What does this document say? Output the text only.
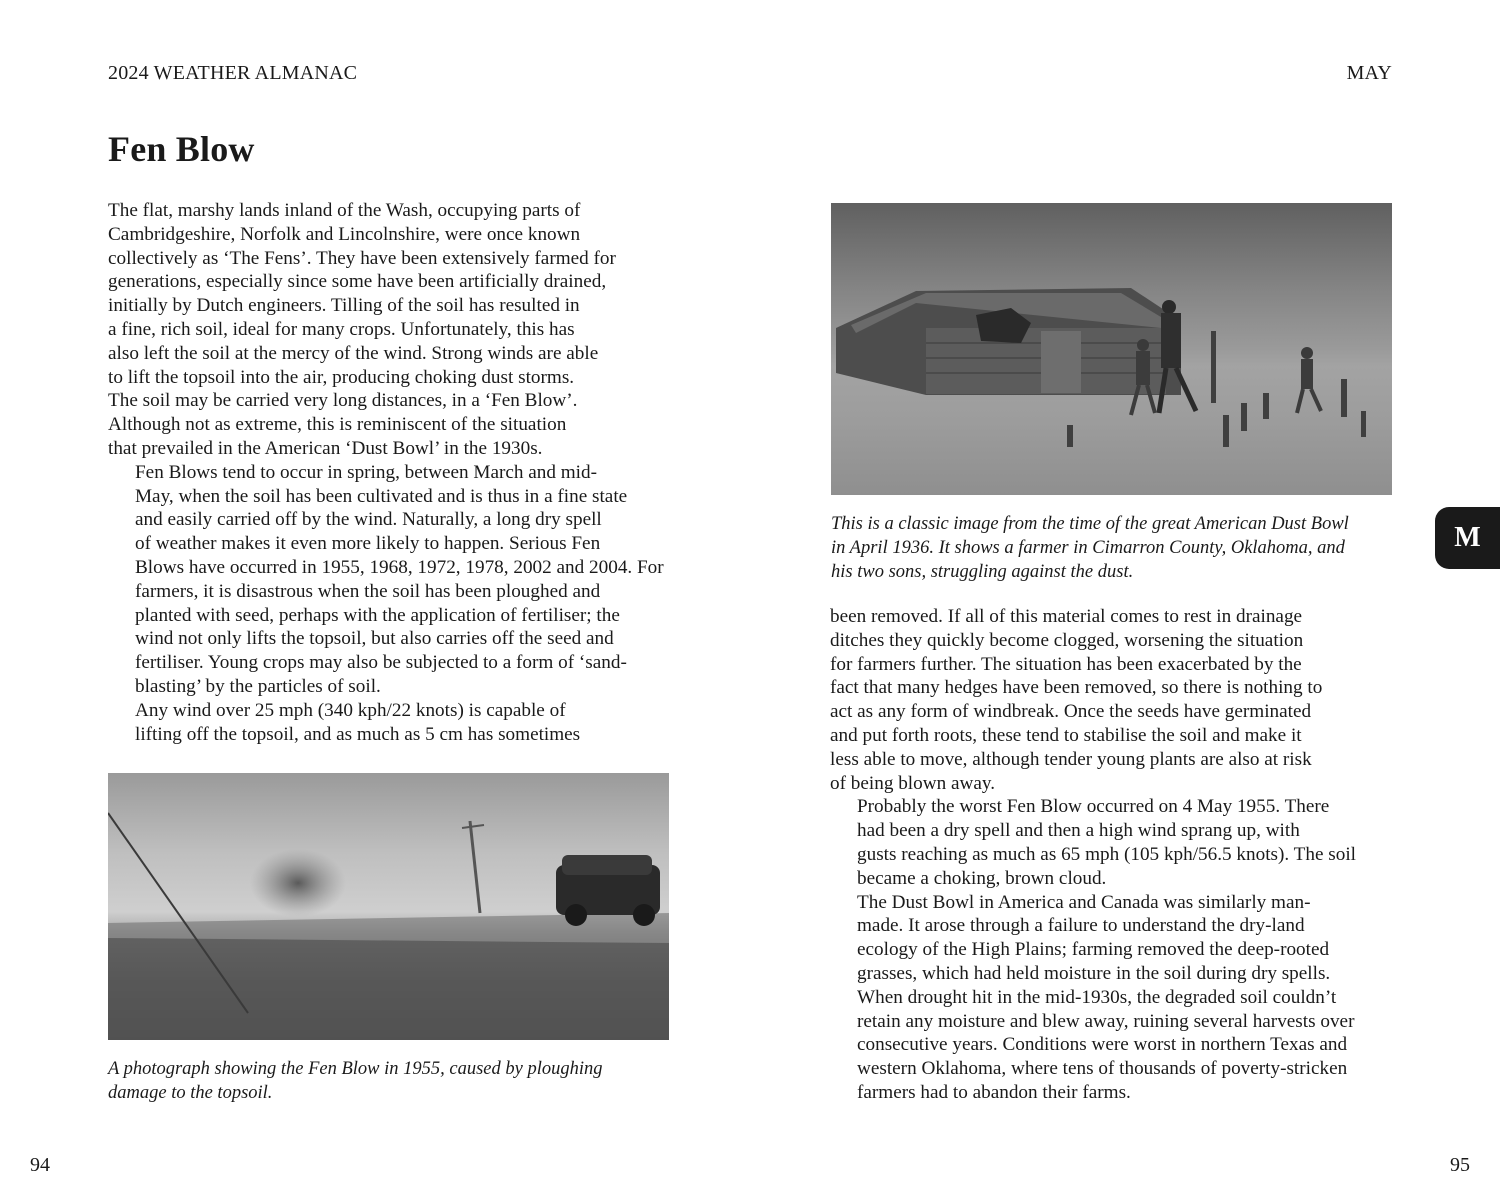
2024 WEATHER ALMANAC	MAY
Fen Blow

The flat, marshy lands inland of the Wash, occupying parts of
Cambridgeshire, Norfolk and Lincolnshire, were once known
collectively as ‘The Fens’. They have been extensively farmed for
generations, especially since some have been artificially drained,
initially by Dutch engineers. Tilling of the soil has resulted in
a fine, rich soil, ideal for many crops. Unfortunately, this has
also left the soil at the mercy of the wind. Strong winds are able
to lift the topsoil into the air, producing choking dust storms.
The soil may be carried very long distances, in a ‘Fen Blow’.
Although not as extreme, this is reminiscent of the situation
that prevailed in the American ‘Dust Bowl’ in the 1930s.

Fen Blows tend to occur in spring, between March and mid-
May, when the soil has been cultivated and is thus in a fine state
and easily carried off by the wind. Naturally, a long dry spell
of weather makes it even more likely to happen. Serious Fen
Blows have occurred in 1955, 1968, 1972, 1978, 2002 and 2004. For
farmers, it is disastrous when the soil has been ploughed and
planted with seed, perhaps with the application of fertiliser; the
wind not only lifts the topsoil, but also carries off the seed and
fertiliser. Young crops may also be subjected to a form of ‘sand-
blasting’ by the particles of soil.

Any wind over 25 mph (340 kph/22 knots) is capable of
lifting off the topsoil, and as much as 5 cm has sometimes

A photograph showing the Fen Blow in 1955, caused by ploughing
damage to the topsoil.

This is a classic image from the time of the great American Dust Bowl
in April 1936. It shows a farmer in Cimarron County, Oklahoma, and
his two sons, struggling against the dust.

been removed. If all of this material comes to rest in drainage
ditches they quickly become clogged, worsening the situation
for farmers further. The situation has been exacerbated by the
fact that many hedges have been removed, so there is nothing to
act as any form of windbreak. Once the seeds have germinated
and put forth roots, these tend to stabilise the soil and make it
less able to move, although tender young plants are also at risk
of being blown away.

Probably the worst Fen Blow occurred on 4 May 1955. There
had been a dry spell and then a high wind sprang up, with
gusts reaching as much as 65 mph (105 kph/56.5 knots). The soil
became a choking, brown cloud.

The Dust Bowl in America and Canada was similarly man-
made. It arose through a failure to understand the dry-land
ecology of the High Plains; farming removed the deep-rooted
grasses, which had held moisture in the soil during dry spells.
When drought hit in the mid-1930s, the degraded soil couldn’t
retain any moisture and blew away, ruining several harvests over
consecutive years. Conditions were worst in northern Texas and
western Oklahoma, where tens of thousands of poverty-stricken
farmers had to abandon their farms.

M
94	95
